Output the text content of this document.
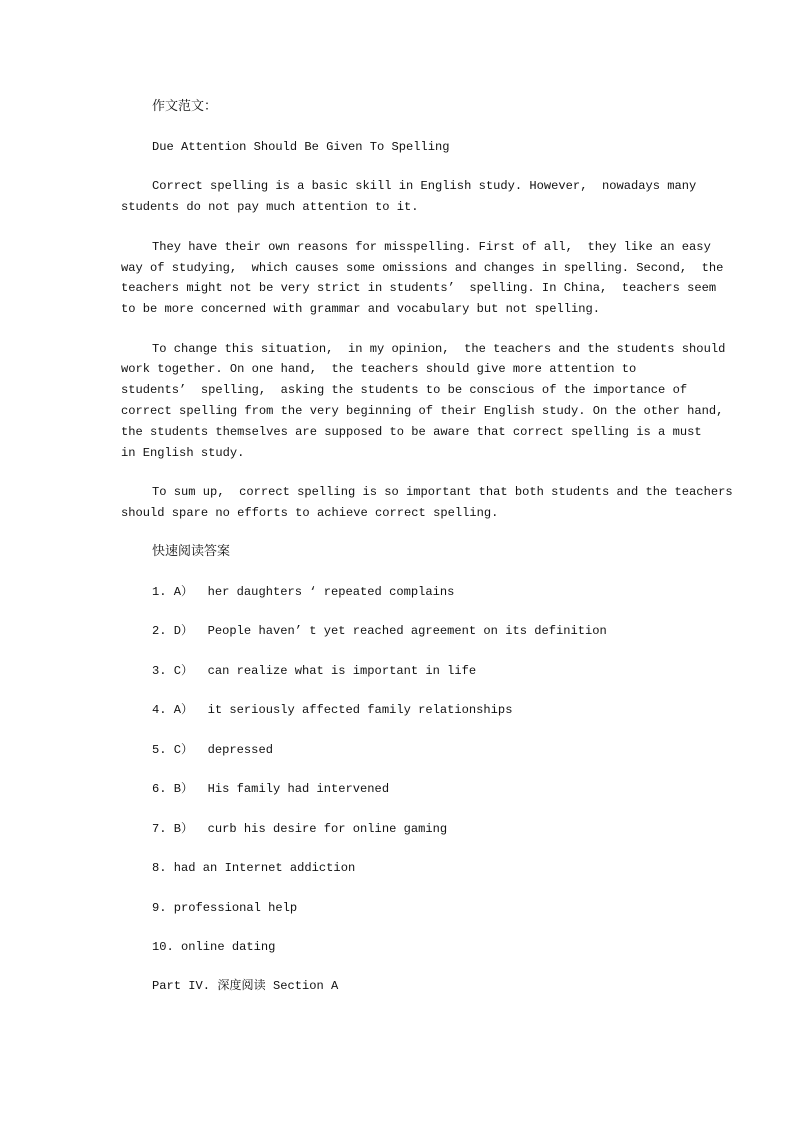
作文范文：
Due Attention Should Be Given To Spelling
Correct spelling is a basic skill in English study. However,  nowadays many
students do not pay much attention to it.
They have their own reasons for misspelling. First of all,  they like an easy
way of studying,  which causes some omissions and changes in spelling. Second,  the
teachers might not be very strict in students’  spelling. In China,  teachers seem
to be more concerned with grammar and vocabulary but not spelling.
To change this situation,  in my opinion,  the teachers and the students should
work together. On one hand,  the teachers should give more attention to
students’  spelling,  asking the students to be conscious of the importance of
correct spelling from the very beginning of their English study. On the other hand,
the students themselves are supposed to be aware that correct spelling is a must
in English study.
To sum up,  correct spelling is so important that both students and the teachers
should spare no efforts to achieve correct spelling.
快速阅读答案
1. A）  her daughters ‘ repeated complains
2. D）  People haven’ t yet reached agreement on its definition
3. C）  can realize what is important in life
4. A）  it seriously affected family relationships
5. C）  depressed
6. B）  His family had intervened
7. B）  curb his desire for online gaming
8. had an Internet addiction
9. professional help
10. online dating
Part IV. 深度阅读 Section A
